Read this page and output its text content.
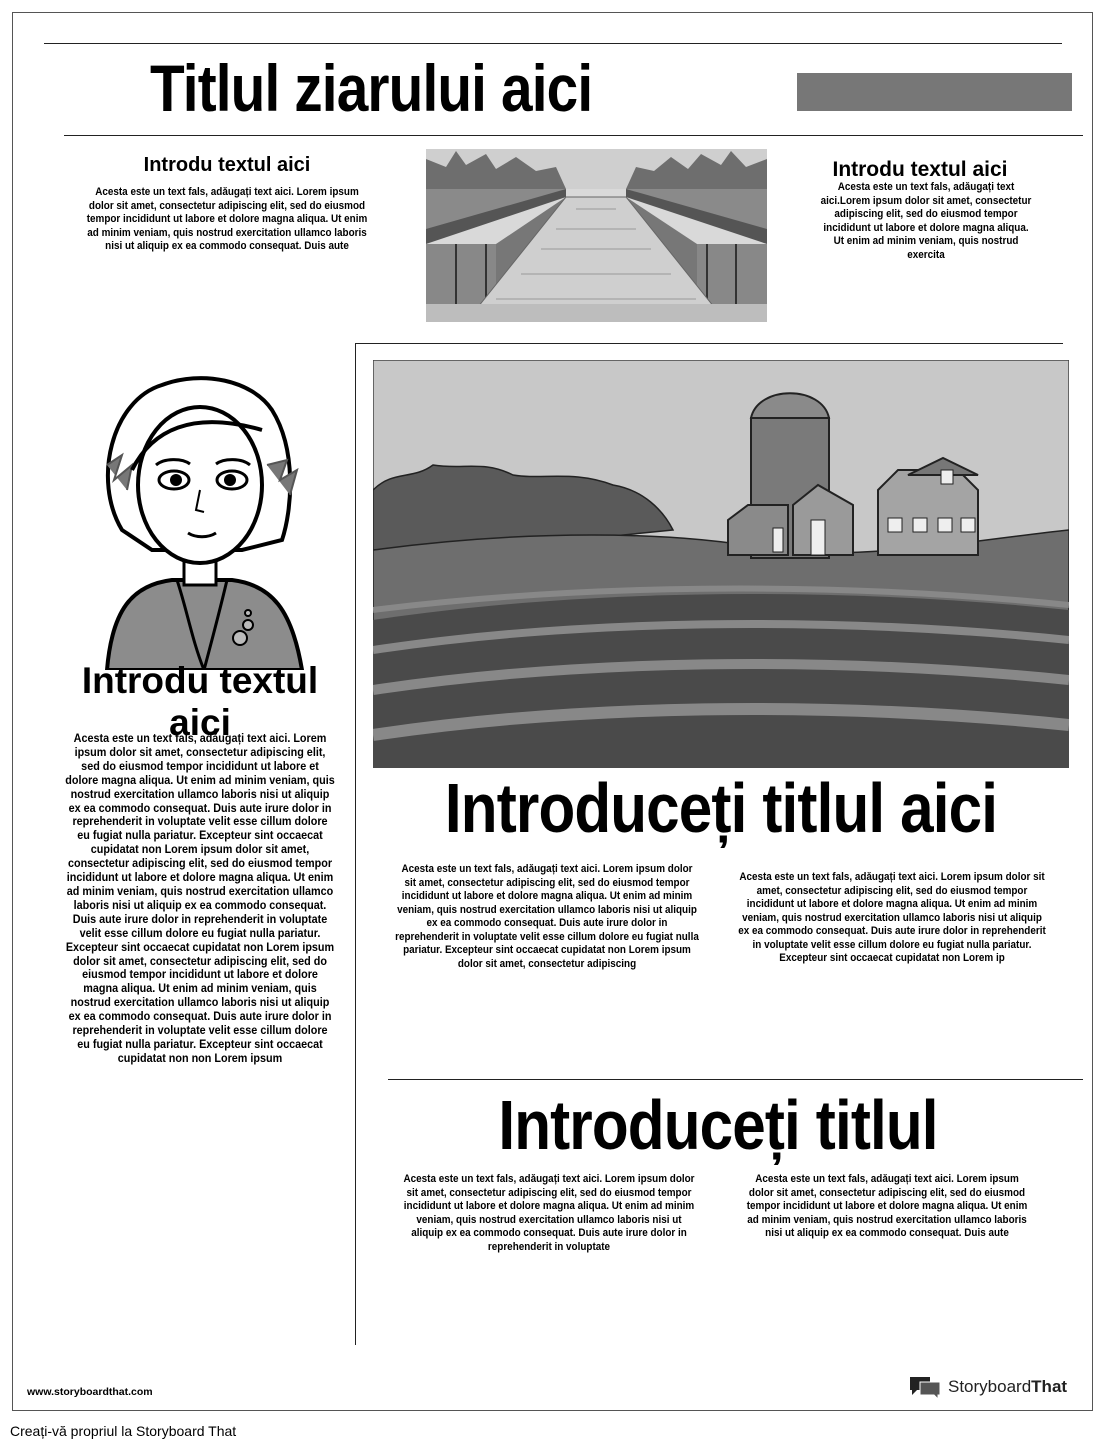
Titlul ziarului aici
Introdu textul aici
Acesta este un text fals, adăugați text aici. Lorem ipsum dolor sit amet, consectetur adipiscing elit, sed do eiusmod tempor incididunt ut labore et dolore magna aliqua. Ut enim ad minim veniam, quis nostrud exercitation ullamco laboris nisi ut aliquip ex ea commodo consequat. Duis aute
Introdu textul aici
Acesta este un text fals, adăugați text aici.Lorem ipsum dolor sit amet, consectetur adipiscing elit, sed do eiusmod tempor incididunt ut labore et dolore magna aliqua. Ut enim ad minim veniam, quis nostrud exercita
Introdu textul aici
Acesta este un text fals, adăugați text aici. Lorem ipsum dolor sit amet, consectetur adipiscing elit, sed do eiusmod tempor incididunt ut labore et dolore magna aliqua. Ut enim ad minim veniam, quis nostrud exercitation ullamco laboris nisi ut aliquip ex ea commodo consequat. Duis aute irure dolor in reprehenderit in voluptate velit esse cillum dolore eu fugiat nulla pariatur. Excepteur sint occaecat cupidatat non Lorem ipsum dolor sit amet, consectetur adipiscing elit, sed do eiusmod tempor incididunt ut labore et dolore magna aliqua. Ut enim ad minim veniam, quis nostrud exercitation ullamco laboris nisi ut aliquip ex ea commodo consequat. Duis aute irure dolor in reprehenderit in voluptate velit esse cillum dolore eu fugiat nulla pariatur. Excepteur sint occaecat cupidatat non Lorem ipsum dolor sit amet, consectetur adipiscing elit, sed do eiusmod tempor incididunt ut labore et dolore magna aliqua. Ut enim ad minim veniam, quis nostrud exercitation ullamco laboris nisi ut aliquip ex ea commodo consequat. Duis aute irure dolor in reprehenderit in voluptate velit esse cillum dolore eu fugiat nulla pariatur. Excepteur sint occaecat cupidatat non non Lorem ipsum
Introduceți titlul aici
Acesta este un text fals, adăugați text aici. Lorem ipsum dolor sit amet, consectetur adipiscing elit, sed do eiusmod tempor incididunt ut labore et dolore magna aliqua. Ut enim ad minim veniam, quis nostrud exercitation ullamco laboris nisi ut aliquip ex ea commodo consequat. Duis aute irure dolor in reprehenderit in voluptate velit esse cillum dolore eu fugiat nulla pariatur. Excepteur sint occaecat cupidatat non Lorem ipsum dolor sit amet, consectetur adipiscing
Acesta este un text fals, adăugați text aici. Lorem ipsum dolor sit amet, consectetur adipiscing elit, sed do eiusmod tempor incididunt ut labore et dolore magna aliqua. Ut enim ad minim veniam, quis nostrud exercitation ullamco laboris nisi ut aliquip ex ea commodo consequat. Duis aute irure dolor in reprehenderit in voluptate velit esse cillum dolore eu fugiat nulla pariatur. Excepteur sint occaecat cupidatat non Lorem ip
Introduceți titlul
Acesta este un text fals, adăugați text aici. Lorem ipsum dolor sit amet, consectetur adipiscing elit, sed do eiusmod tempor incididunt ut labore et dolore magna aliqua. Ut enim ad minim veniam, quis nostrud exercitation ullamco laboris nisi ut aliquip ex ea commodo consequat. Duis aute irure dolor in reprehenderit in voluptate
Acesta este un text fals, adăugați text aici. Lorem ipsum dolor sit amet, consectetur adipiscing elit, sed do eiusmod tempor incididunt ut labore et dolore magna aliqua. Ut enim ad minim veniam, quis nostrud exercitation ullamco laboris nisi ut aliquip ex ea commodo consequat. Duis aute
www.storyboardthat.com	StoryboardThat
Creați-vă propriul la Storyboard That
